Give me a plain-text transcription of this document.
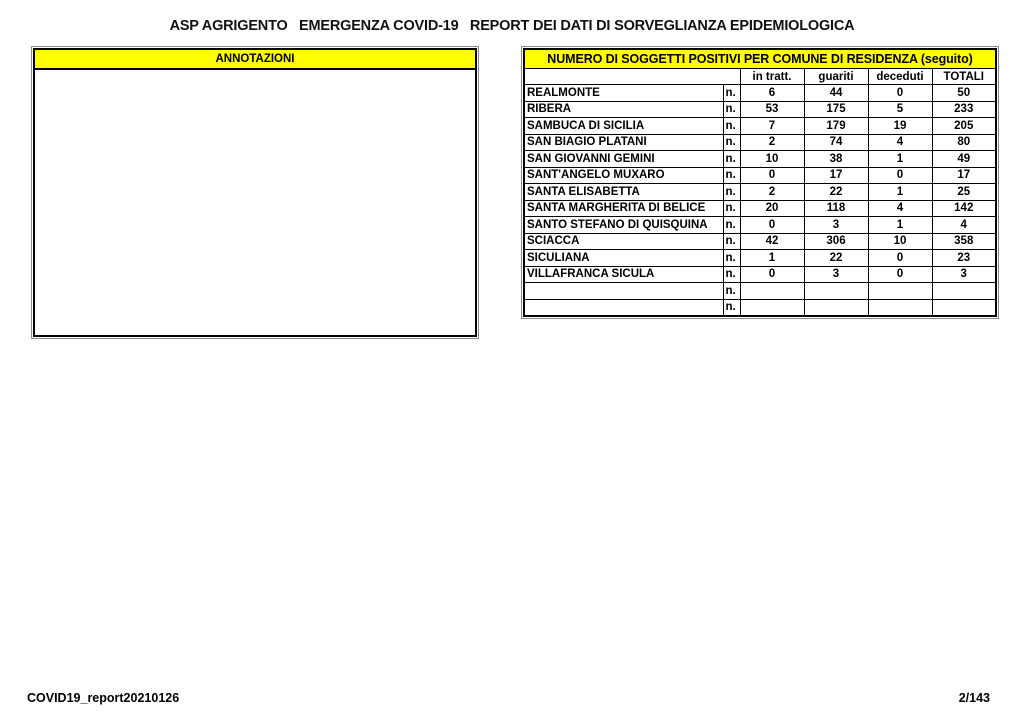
ASP AGRIGENTO   EMERGENZA COVID-19   REPORT DEI DATI DI SORVEGLIANZA EPIDEMIOLOGICA
ANNOTAZIONI	NUMERO DI SOGGETTI POSITIVI PER COMUNE DI RESIDENZA (seguito)					
		in tratt.	guariti	deceduti	TOTALI
REALMONTE	n.	6	44	0	50
RIBERA	n.	53	175	5	233
SAMBUCA DI SICILIA	n.	7	179	19	205
SAN BIAGIO PLATANI	n.	2	74	4	80
SAN GIOVANNI GEMINI	n.	10	38	1	49
SANT'ANGELO MUXARO	n.	0	17	0	17
SANTA ELISABETTA	n.	2	22	1	25
SANTA MARGHERITA DI BELICE	n.	20	118	4	142
SANTO STEFANO DI QUISQUINA	n.	0	3	1	4
SCIACCA	n.	42	306	10	358
SICULIANA	n.	1	22	0	23
VILLAFRANCA SICULA	n.	0	3	0	3
	n.				
	n.				
COVID19_report20210126	2/143
